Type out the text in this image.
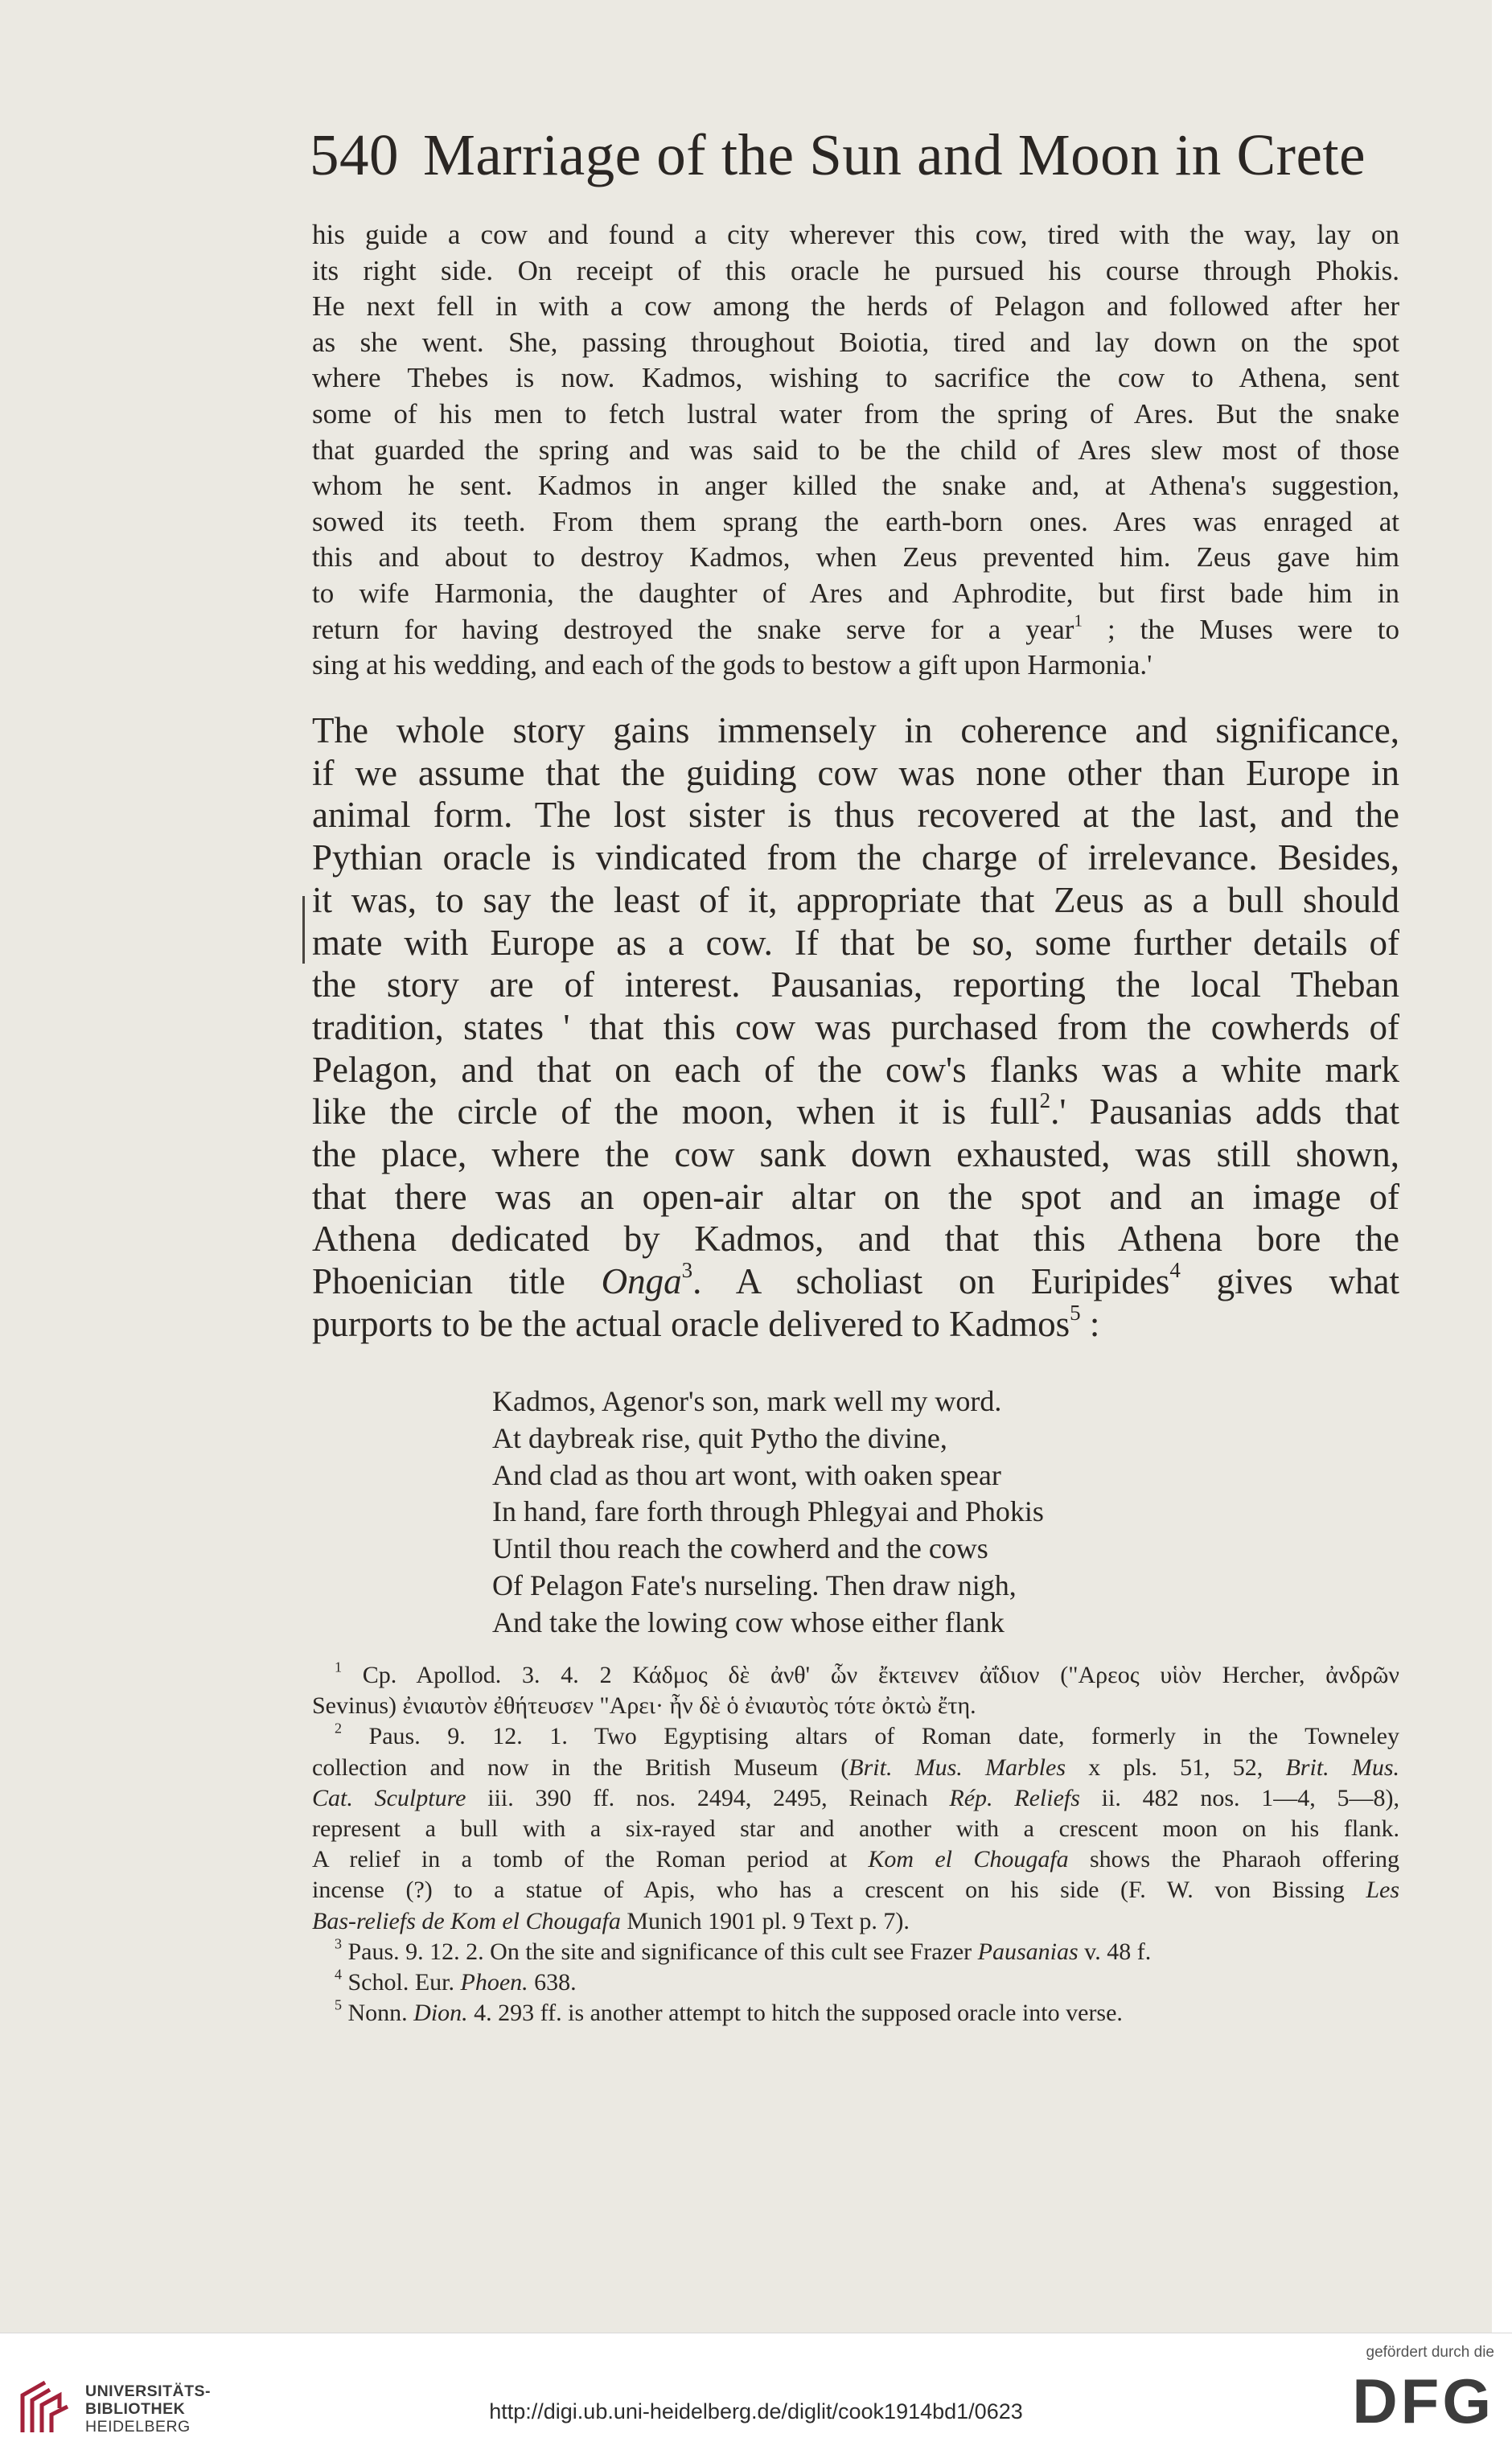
540 Marriage of the Sun and Moon in Crete
his guide a cow and found a city wherever this cow, tired with the way, lay on
its right side. On receipt of this oracle he pursued his course through Phokis.
He next fell in with a cow among the herds of Pelagon and followed after her
as she went. She, passing throughout Boiotia, tired and lay down on the spot
where Thebes is now. Kadmos, wishing to sacrifice the cow to Athena, sent
some of his men to fetch lustral water from the spring of Ares. But the snake
that guarded the spring and was said to be the child of Ares slew most of those
whom he sent. Kadmos in anger killed the snake and, at Athena's suggestion,
sowed its teeth. From them sprang the earth-born ones. Ares was enraged at
this and about to destroy Kadmos, when Zeus prevented him. Zeus gave him
to wife Harmonia, the daughter of Ares and Aphrodite, but first bade him in
return for having destroyed the snake serve for a year$^1$ ; the Muses were to
sing at his wedding, and each of the gods to bestow a gift upon Harmonia.'
The whole story gains immensely in coherence and significance,
if we assume that the guiding cow was none other than Europe in
animal form. The lost sister is thus recovered at the last, and the
Pythian oracle is vindicated from the charge of irrelevance. Besides,
it was, to say the least of it, appropriate that Zeus as a bull should
mate with Europe as a cow. If that be so, some further details of
the story are of interest. Pausanias, reporting the local Theban
tradition, states ' that this cow was purchased from the cowherds of
Pelagon, and that on each of the cow's flanks was a white mark
like the circle of the moon, when it is full$^2$.' Pausanias adds that
the place, where the cow sank down exhausted, was still shown,
that there was an open-air altar on the spot and an image of
Athena dedicated by Kadmos, and that this Athena bore the
Phoenician title Onga$^3$. A scholiast on Euripides$^4$ gives what
purports to be the actual oracle delivered to Kadmos$^5$ :
Kadmos, Agenor's son, mark well my word.
At daybreak rise, quit Pytho the divine,
And clad as thou art wont, with oaken spear
In hand, fare forth through Phlegyai and Phokis
Until thou reach the cowherd and the cows
Of Pelagon Fate's nurseling. Then draw nigh,
And take the lowing cow whose either flank
$^1$ Cp. Apollod. 3. 4. 2 Κάδμος δὲ ἀνθ' ὧν ἔκτεινεν ἀΐδιον ("Αρεος υἱὸν Hercher, ἀνδρῶν
Sevinus) ἐνιαυτὸν ἐθήτευσεν "Αρει· ἦν δὲ ὁ ἐνιαυτὸς τότε ὀκτὼ ἔτη.
$^2$ Paus. 9. 12. 1. Two Egyptising altars of Roman date, formerly in the Towneley
collection and now in the British Museum (Brit. Mus. Marbles x pls. 51, 52, Brit. Mus.
Cat. Sculpture iii. 390 ff. nos. 2494, 2495, Reinach Rép. Reliefs ii. 482 nos. 1—4, 5—8),
represent a bull with a six-rayed star and another with a crescent moon on his flank.
A relief in a tomb of the Roman period at Kom el Chougafa shows the Pharaoh offering
incense (?) to a statue of Apis, who has a crescent on his side (F. W. von Bissing Les
Bas-reliefs de Kom el Chougafa Munich 1901 pl. 9 Text p. 7).
$^3$ Paus. 9. 12. 2. On the site and significance of this cult see Frazer Pausanias v. 48 f.
$^4$ Schol. Eur. Phoen. 638.
$^5$ Nonn. Dion. 4. 293 ff. is another attempt to hitch the supposed oracle into verse.
UNIVERSITÄTS-
BIBLIOTHEK
HEIDELBERG
http://digi.ub.uni-heidelberg.de/diglit/cook1914bd1/0623
gefördert durch die
DFG
